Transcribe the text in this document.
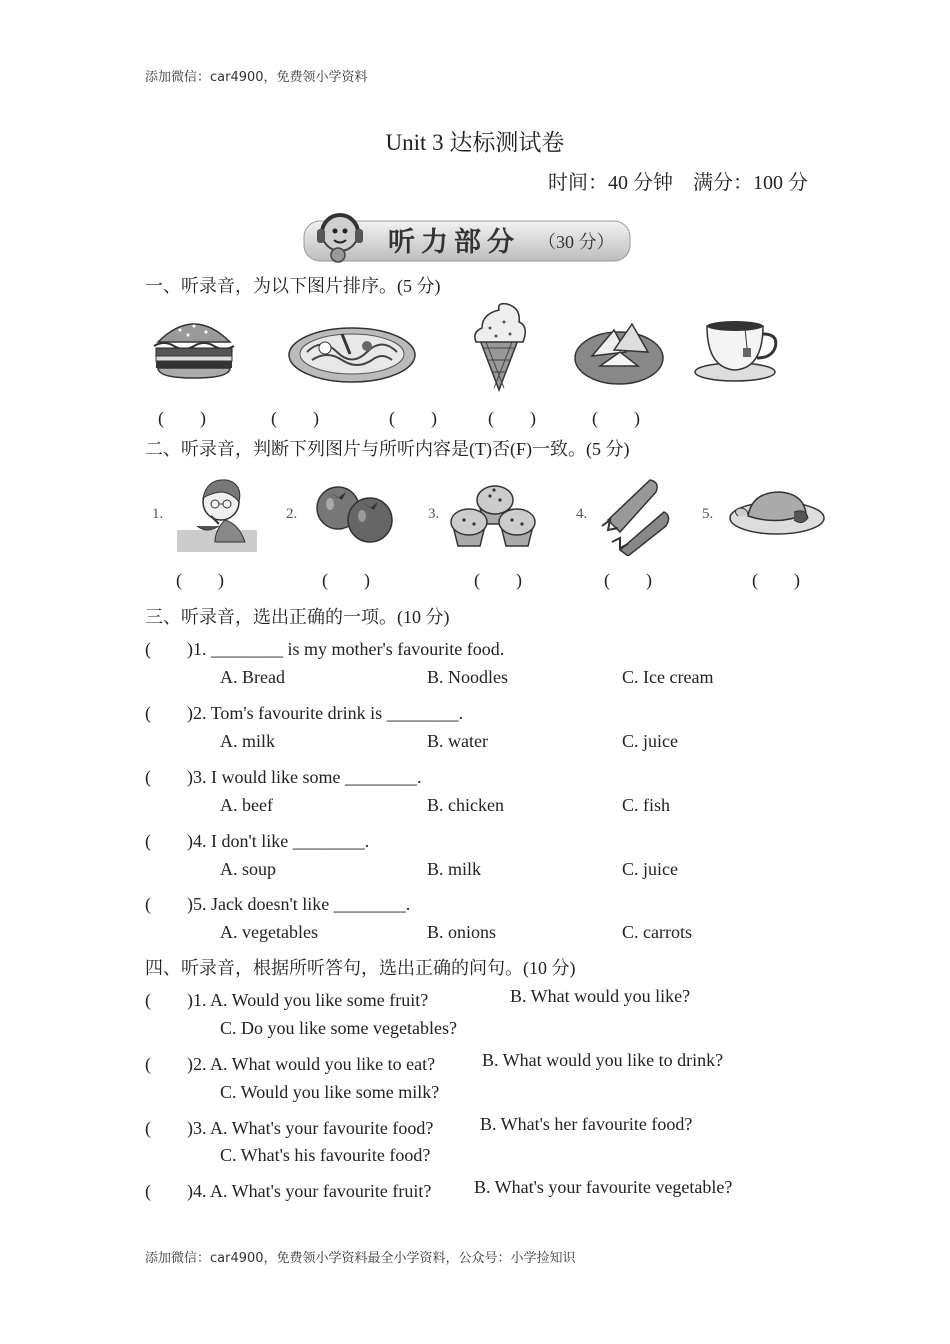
添加微信：car4900，免费领小学资料
添加微信：car4900，免费领小学资料最全小学资料，公众号：小学捡知识
Unit 3 达标测试卷
时间：40 分钟    满分：100 分
听力部分 （30 分）
一、听录音，为以下图片排序。(5 分)
(　　)	(　　)	(　　)	(　　)	(　　)
二、听录音，判断下列图片与所听内容是(T)否(F)一致。(5 分)
1.	2.	3.	4.	5.
(　　)	(　　)	(　　)	(　　)	(　　)
三、听录音，选出正确的一项。(10 分)
(　　)1. ________ is my mother's favourite food.
A. Bread	B. Noodles	C. Ice cream
(　　)2. Tom's favourite drink is ________.
A. milk	B. water	C. juice
(　　)3. I would like some ________.
A. beef	B. chicken	C. fish
(　　)4. I don't like ________.
A. soup	B. milk	C. juice
(　　)5. Jack doesn't like ________.
A. vegetables	B. onions	C. carrots
四、听录音，根据所听答句，选出正确的问句。(10 分)
(　　)1. A. Would you like some fruit?	B. What would you like?
C. Do you like some vegetables?
(　　)2. A. What would you like to eat?	B. What would you like to drink?
C. Would you like some milk?
(　　)3. A. What's your favourite food?	B. What's her favourite food?
C. What's his favourite food?
(　　)4. A. What's your favourite fruit? B. What's your favourite vegetable?
